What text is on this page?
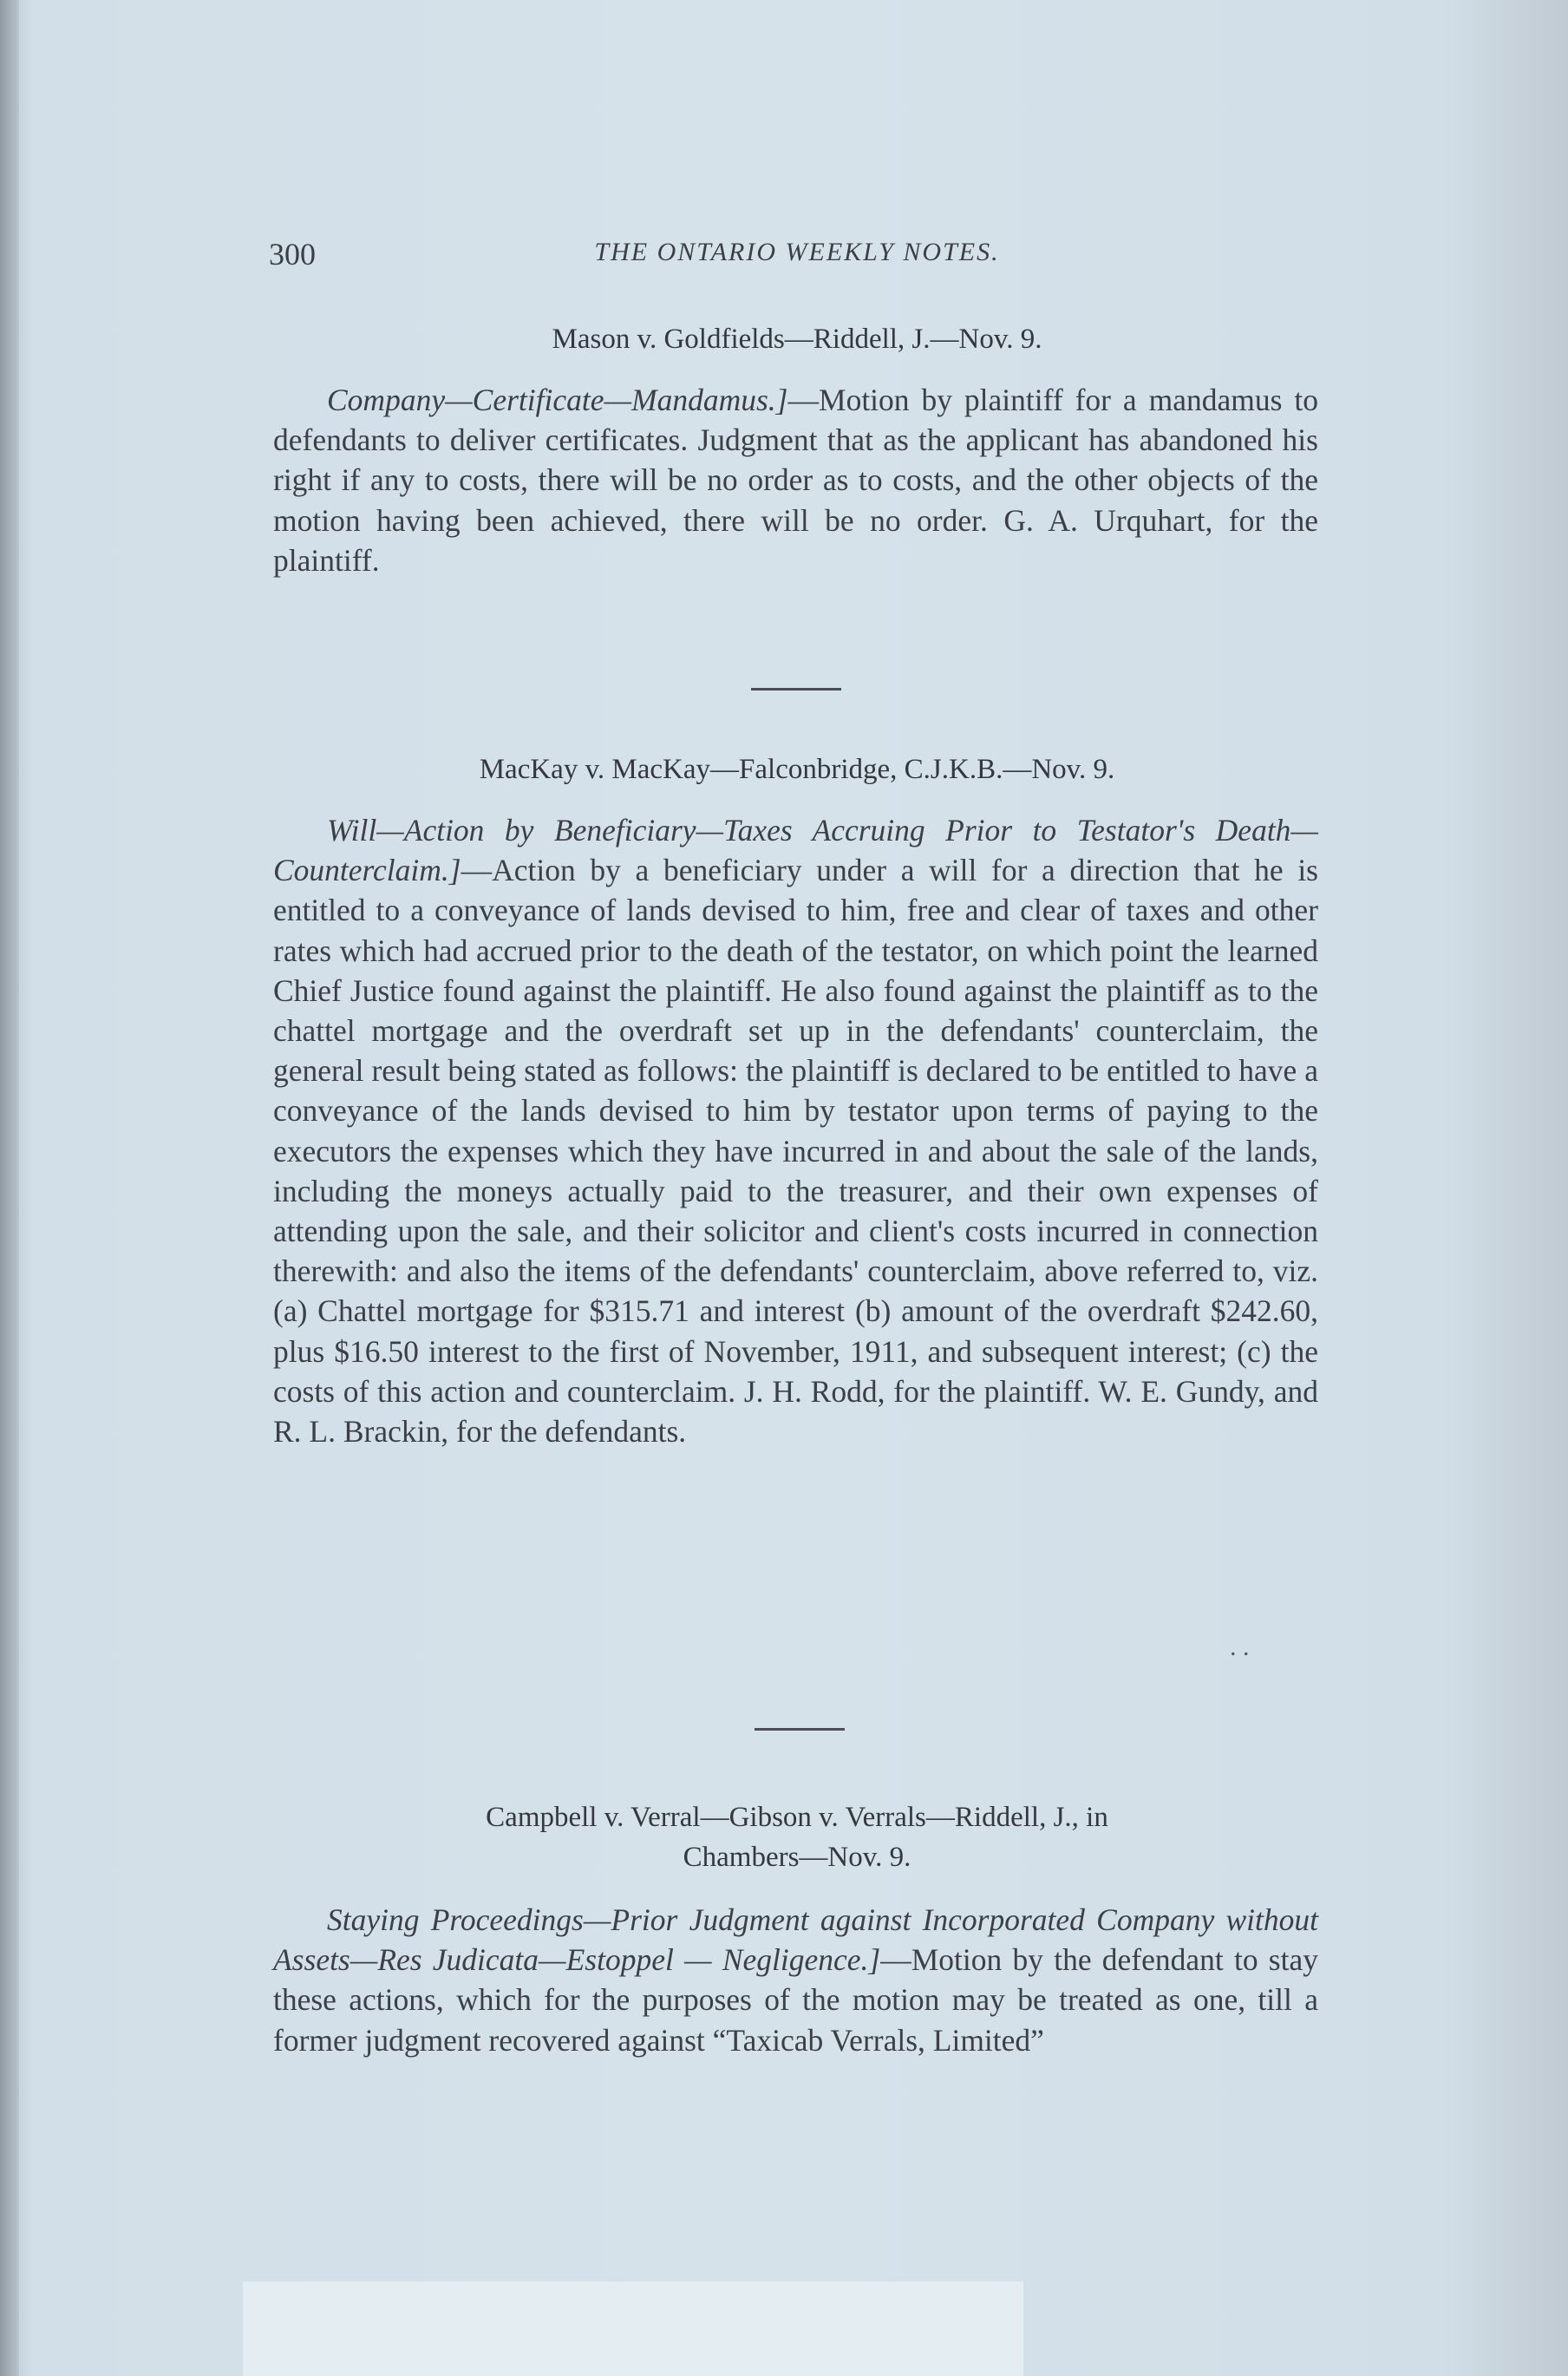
300	THE ONTARIO WEEKLY NOTES.
Mason v. Goldfields—Riddell, J.—Nov. 9.

Company—Certificate—Mandamus.]—Motion by plaintiff for a mandamus to defendants to deliver certificates. Judgment that as the applicant has abandoned his right if any to costs, there will be no order as to costs, and the other objects of the motion having been achieved, there will be no order. G. A. Urquhart, for the plaintiff.

MacKay v. MacKay—Falconbridge, C.J.K.B.—Nov. 9.

Will—Action by Beneficiary—Taxes Accruing Prior to Testator's Death—Counterclaim.]—Action by a beneficiary under a will for a direction that he is entitled to a conveyance of lands devised to him, free and clear of taxes and other rates which had accrued prior to the death of the testator, on which point the learned Chief Justice found against the plaintiff. He also found against the plaintiff as to the chattel mortgage and the overdraft set up in the defendants' counterclaim, the general result being stated as follows: the plaintiff is declared to be entitled to have a conveyance of the lands devised to him by testator upon terms of paying to the executors the expenses which they have incurred in and about the sale of the lands, including the moneys actually paid to the treasurer, and their own expenses of attending upon the sale, and their solicitor and client's costs incurred in connection therewith: and also the items of the defendants' counterclaim, above referred to, viz. (a) Chattel mortgage for $315.71 and interest (b) amount of the overdraft $242.60, plus $16.50 interest to the first of November, 1911, and subsequent interest; (c) the costs of this action and counterclaim. J. H. Rodd, for the plaintiff. W. E. Gundy, and R. L. Brackin, for the defendants.

. .
Campbell v. Verral—Gibson v. Verrals—Riddell, J., in
Chambers—Nov. 9.

Staying Proceedings—Prior Judgment against Incorporated Company without Assets—Res Judicata—Estoppel — Negligence.]—Motion by the defendant to stay these actions, which for the purposes of the motion may be treated as one, till a former judgment recovered against “Taxicab Verrals, Limited”
